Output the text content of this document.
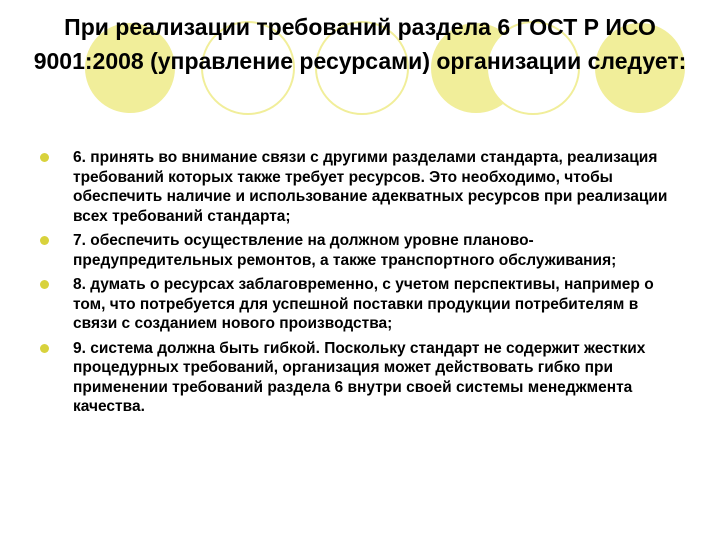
При реализации требований раздела 6 ГОСТ Р ИСО 9001:2008 (управление ресурсами) организации следует:
6. принять во внимание связи с другими разделами стандарта, реализация требований которых также требует ресурсов. Это необходимо, чтобы обеспечить наличие и использование адекватных ресурсов при реализации всех требований стандарта;
7. обеспечить осуществление на должном уровне планово-предупредительных ремонтов, а также транспортного обслуживания;
8. думать о ресурсах заблаговременно, с учетом перспективы, например о том, что потребуется для успешной поставки продукции потребителям в связи с созданием нового производства;
9. система должна быть гибкой. Поскольку стандарт не содержит жестких процедурных требований, организация может действовать гибко при применении требований раздела 6 внутри своей системы менеджмента качества.
